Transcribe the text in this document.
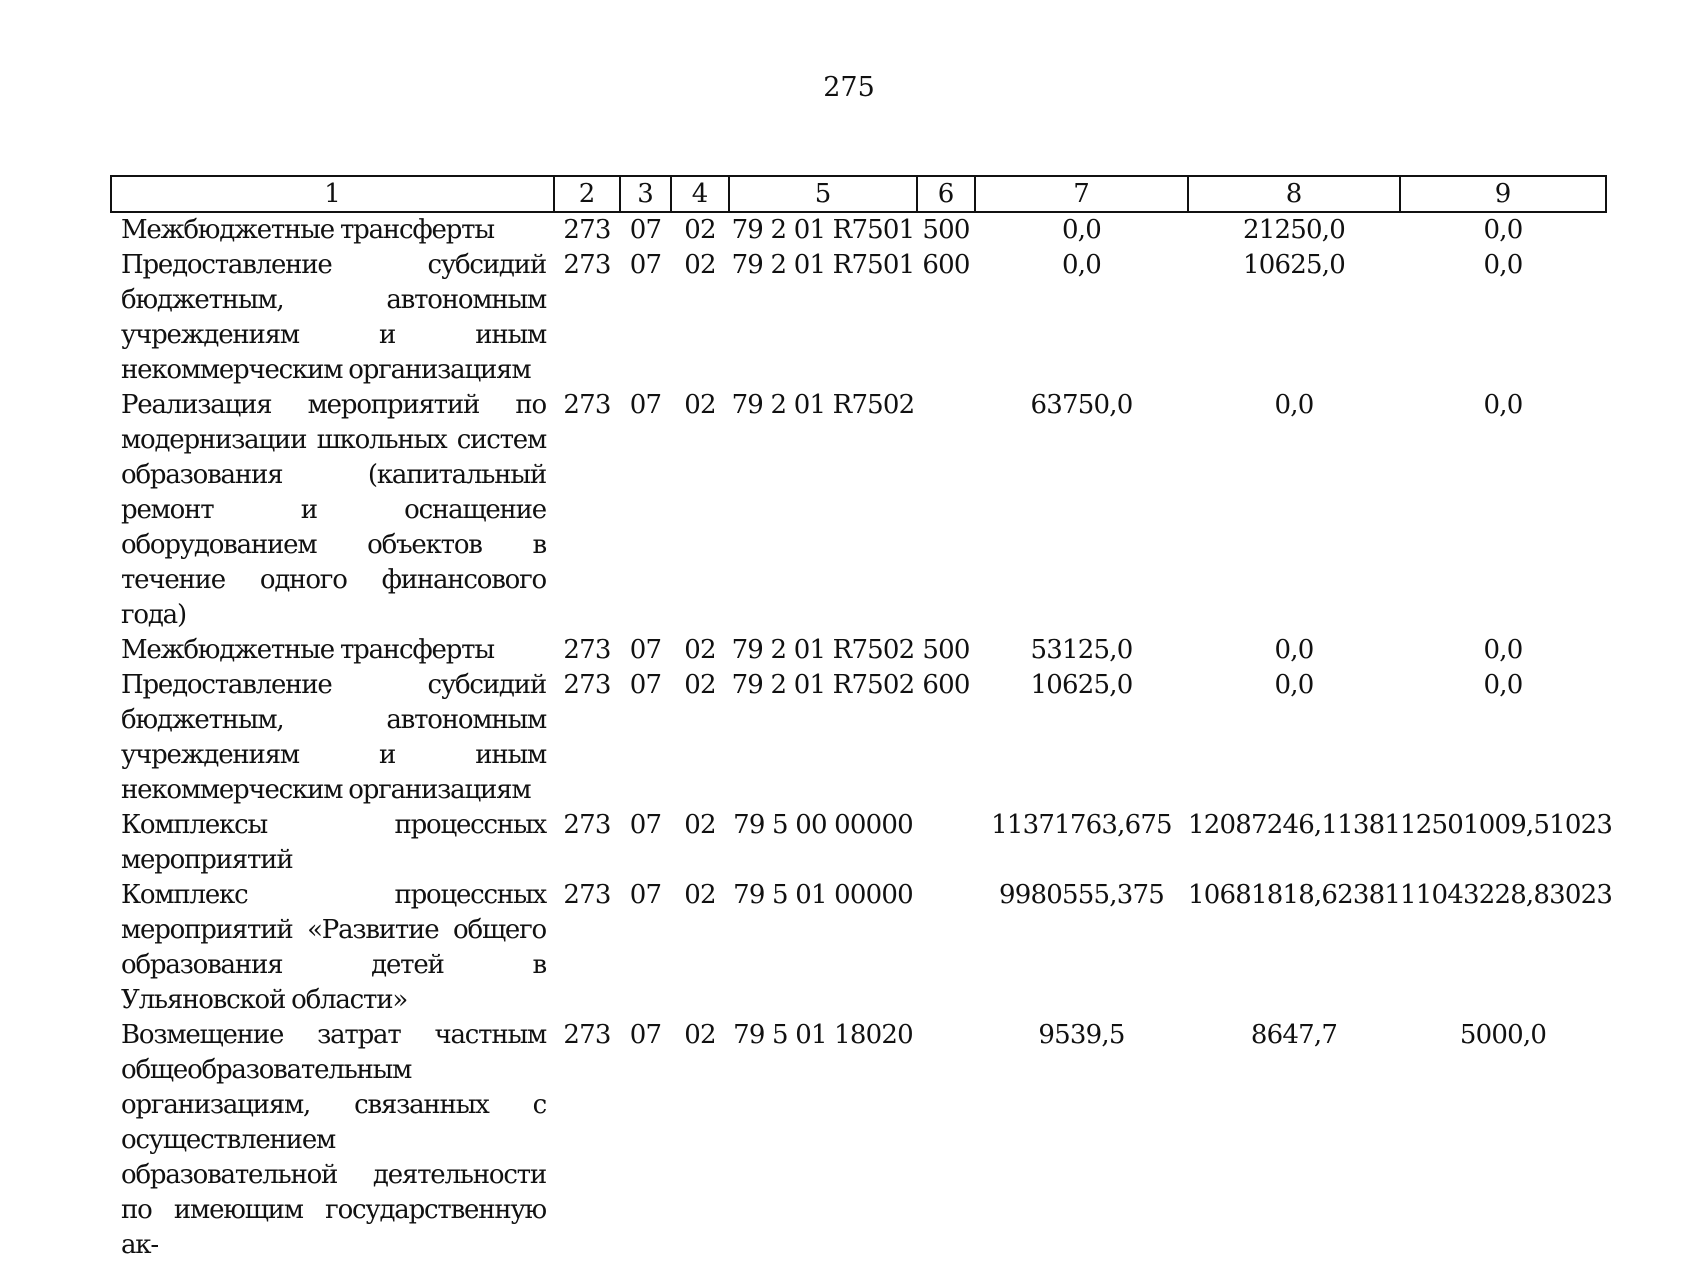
275
1	2	3	4	5	6	7	8	9
Межбюджетные трансферты	273	07	02	79 2 01 R7501	500	0,0	21250,0	0,0
Предоставление субсидий бюджетным, автономным учреждениям и иным некоммерческим организациям	273	07	02	79 2 01 R7501	600	0,0	10625,0	0,0
Реализация мероприятий по модернизации школьных систем образования (капитальный ремонт и оснащение оборудованием объектов в течение одного финансового года)	273	07	02	79 2 01 R7502		63750,0	0,0	0,0
Межбюджетные трансферты	273	07	02	79 2 01 R7502	500	53125,0	0,0	0,0
Предоставление субсидий бюджетным, автономным учреждениям и иным некоммерческим организациям	273	07	02	79 2 01 R7502	600	10625,0	0,0	0,0
Комплексы процессных мероприятий	273	07	02	79 5 00 00000		11371763,675	12087246,11381	12501009,51023
Комплекс процессных мероприятий «Развитие общего образования детей в Ульяновской области»	273	07	02	79 5 01 00000		9980555,375	10681818,62381	11043228,83023
Возмещение затрат частным общеобразовательным организациям, связанных с осуществлением образовательной деятельности по имеющим государственную ак-	273	07	02	79 5 01 18020		9539,5	8647,7	5000,0
